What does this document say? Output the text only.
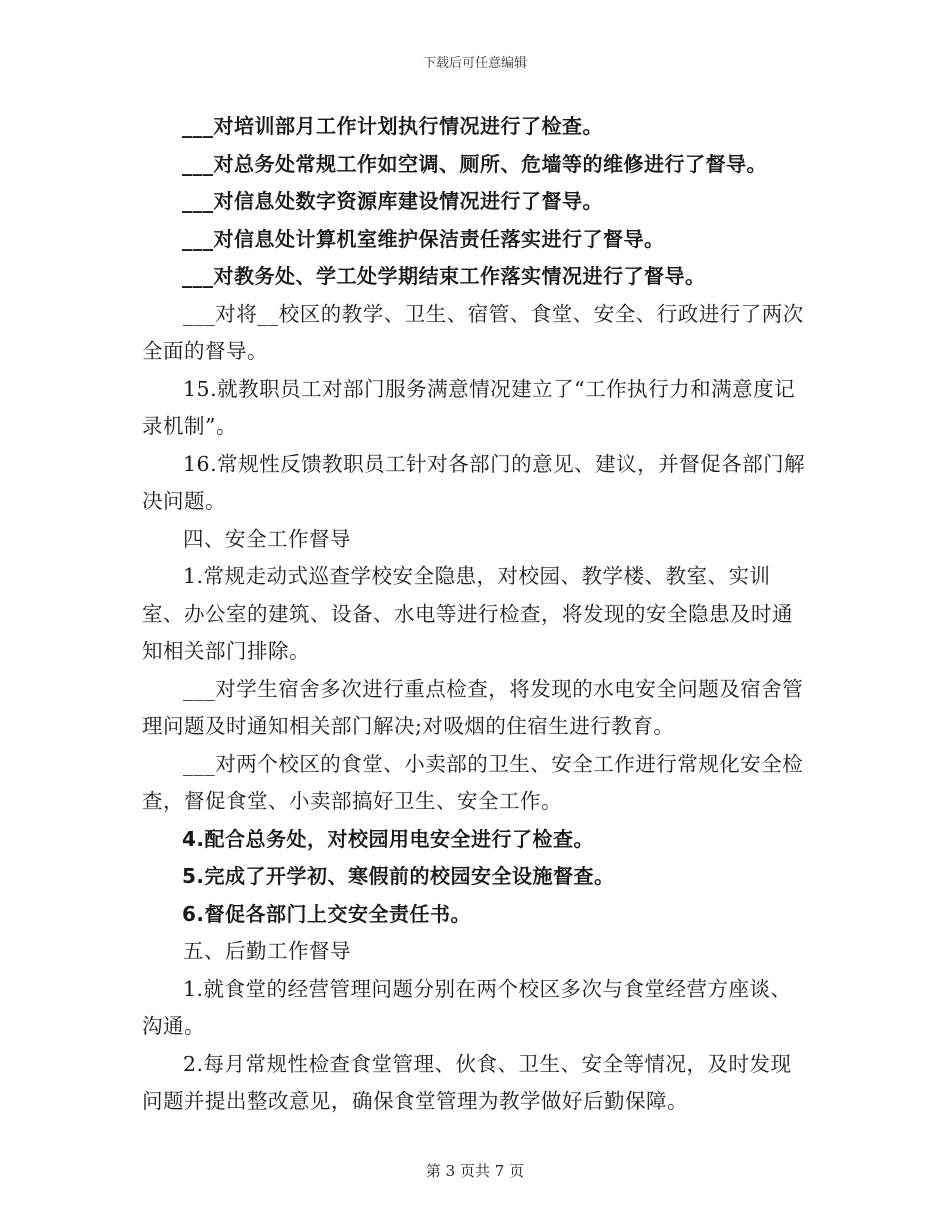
下载后可任意编辑

___对培训部月工作计划执行情况进行了检查。

___对总务处常规工作如空调、厕所、危墙等的维修进行了督导。

___对信息处数字资源库建设情况进行了督导。

___对信息处计算机室维护保洁责任落实进行了督导。

___对教务处、学工处学期结束工作落实情况进行了督导。

___对将__校区的教学、卫生、宿管、食堂、安全、行政进行了两次全面的督导。

15.就教职员工对部门服务满意情况建立了“工作执行力和满意度记录机制”。

16.常规性反馈教职员工针对各部门的意见、建议，并督促各部门解决问题。

四、安全工作督导

1.常规走动式巡查学校安全隐患，对校园、教学楼、教室、实训室、办公室的建筑、设备、水电等进行检查，将发现的安全隐患及时通知相关部门排除。

___对学生宿舍多次进行重点检查，将发现的水电安全问题及宿舍管理问题及时通知相关部门解决;对吸烟的住宿生进行教育。

___对两个校区的食堂、小卖部的卫生、安全工作进行常规化安全检查，督促食堂、小卖部搞好卫生、安全工作。

4.配合总务处，对校园用电安全进行了检查。

5.完成了开学初、寒假前的校园安全设施督查。

6.督促各部门上交安全责任书。

五、后勤工作督导

1.就食堂的经营管理问题分别在两个校区多次与食堂经营方座谈、沟通。

2.每月常规性检查食堂管理、伙食、卫生、安全等情况，及时发现问题并提出整改意见，确保食堂管理为教学做好后勤保障。

第 3 页共 7 页
